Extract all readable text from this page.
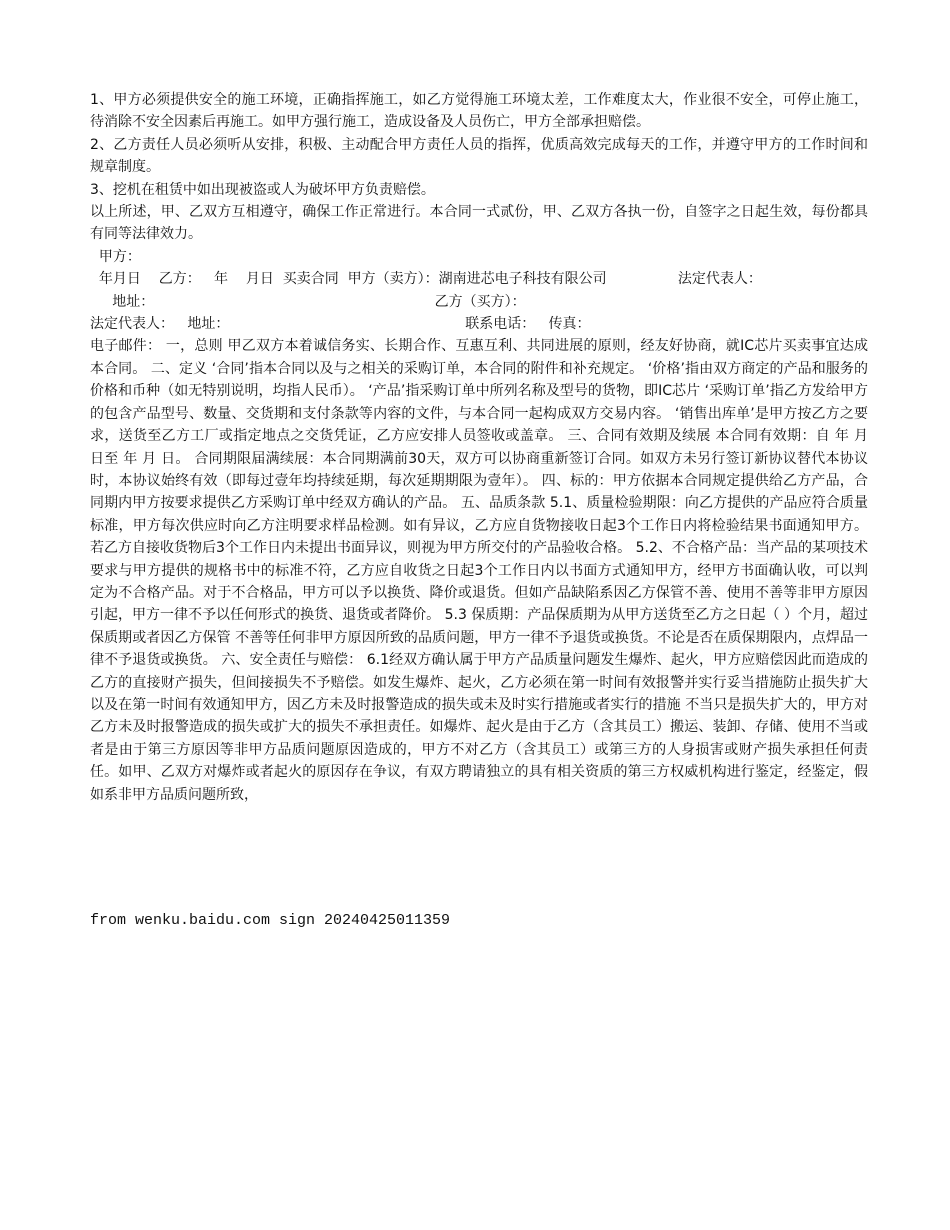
1、甲方必须提供安全的施工环境，正确指挥施工，如乙方觉得施工环境太差，工作难度太大，作业很不安全，可停止施工，待消除不安全因素后再施工。如甲方强行施工，造成设备及人员伤亡，甲方全部承担赔偿。

2、乙方责任人员必须听从安排，积极、主动配合甲方责任人员的指挥，优质高效完成每天的工作，并遵守甲方的工作时间和规章制度。

3、挖机在租赁中如出现被盗或人为破坏甲方负责赔偿。

以上所述，甲、乙双方互相遵守，确保工作正常进行。本合同一式贰份，甲、乙双方各执一份，自签字之日起生效，每份都具有同等法律效力。

甲方：

年月日    乙方：   年    月日  买卖合同  甲方（卖方）：湖南进芯电子科技有限公司                法定代表人：

地址：                                                               乙方（买方）：

法定代表人：   地址：                                                     联系电话：   传真：

电子邮件： 一，总则 甲乙双方本着诚信务实、长期合作、互惠互利、共同进展的原则，经友好协商，就IC芯片买卖事宜达成本合同。 二、定义 ‘合同’指本合同以及与之相关的采购订单，本合同的附件和补充规定。 ‘价格’指由双方商定的产品和服务的价格和币种（如无特别说明，均指人民币）。 ‘产品’指采购订单中所列名称及型号的货物，即IC芯片 ‘采购订单’指乙方发给甲方的包含产品型号、数量、交货期和支付条款等内容的文件，与本合同一起构成双方交易内容。 ‘销售出库单’是甲方按乙方之要求，送货至乙方工厂或指定地点之交货凭证，乙方应安排人员签收或盖章。 三、合同有效期及续展 本合同有效期：自 年 月 日至 年 月 日。 合同期限届满续展：本合同期满前30天，双方可以协商重新签订合同。如双方未另行签订新协议替代本协议时，本协议始终有效（即每过壹年均持续延期，每次延期期限为壹年）。 四、标的：甲方依据本合同规定提供给乙方产品，合同期内甲方按要求提供乙方采购订单中经双方确认的产品。 五、品质条款 5.1、质量检验期限：向乙方提供的产品应符合质量标准，甲方每次供应时向乙方注明要求样品检测。如有异议，乙方应自货物接收日起3个工作日内将检验结果书面通知甲方。若乙方自接收货物后3个工作日内未提出书面异议，则视为甲方所交付的产品验收合格。 5.2、不合格产品：当产品的某项技术要求与甲方提供的规格书中的标准不符，乙方应自收货之日起3个工作日内以书面方式通知甲方，经甲方书面确认收，可以判定为不合格产品。对于不合格品，甲方可以予以换货、降价或退货。但如产品缺陷系因乙方保管不善、使用不善等非甲方原因引起，甲方一律不予以任何形式的换货、退货或者降价。 5.3 保质期：产品保质期为从甲方送货至乙方之日起（ ）个月，超过保质期或者因乙方保管 不善等任何非甲方原因所致的品质问题，甲方一律不予退货或换货。不论是否在质保期限内，点焊品一律不予退货或换货。 六、安全责任与赔偿： 6.1经双方确认属于甲方产品质量问题发生爆炸、起火，甲方应赔偿因此而造成的乙方的直接财产损失，但间接损失不予赔偿。如发生爆炸、起火，乙方必须在第一时间有效报警并实行妥当措施防止损失扩大以及在第一时间有效通知甲方，因乙方未及时报警造成的损失或未及时实行措施或者实行的措施 不当只是损失扩大的，甲方对乙方未及时报警造成的损失或扩大的损失不承担责任。如爆炸、起火是由于乙方（含其员工）搬运、装卸、存储、使用不当或者是由于第三方原因等非甲方品质问题原因造成的，甲方不对乙方（含其员工）或第三方的人身损害或财产损失承担任何责任。如甲、乙双方对爆炸或者起火的原因存在争议，有双方聘请独立的具有相关资质的第三方权威机构进行鉴定，经鉴定，假如系非甲方品质问题所致，

from wenku.baidu.com sign 20240425011359
